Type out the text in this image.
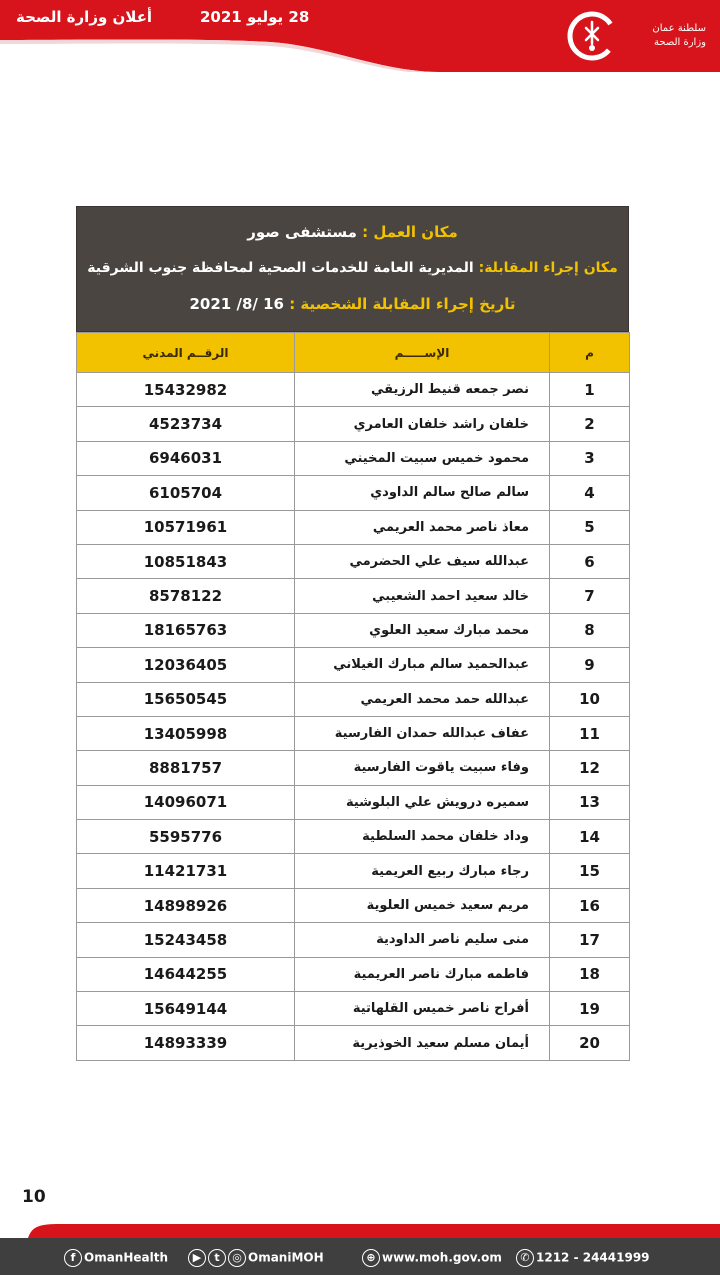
أعلان وزارة الصحة	28 يوليو 2021
سلطنة عمان
وزارة الصحة
مكان العمل : مستشفى صور
مكان إجراء المقابلة: المديرية العامة للخدمات الصحية لمحافظة جنوب الشرقية
تاريخ إجراء المقابلة الشخصية : 16 /8/ 2021
م	الإســـــم	الرقــم المدني
1	نصر جمعه قنيط الرزيقي	15432982
2	خلفان راشد خلفان العامري	4523734
3	محمود خميس سبيت المخيني	6946031
4	سالم صالح سالم الداودي	6105704
5	معاذ ناصر محمد العريمي	10571961
6	عبدالله سيف علي الحضرمي	10851843
7	خالد سعيد احمد الشعيبي	8578122
8	محمد مبارك سعيد العلوي	18165763
9	عبدالحميد سالم مبارك الغيلاني	12036405
10	عبدالله حمد محمد العريمي	15650545
11	عفاف عبدالله حمدان الفارسية	13405998
12	وفاء سبيت ياقوت الفارسية	8881757
13	سميره درويش علي البلوشية	14096071
14	وداد خلفان محمد السلطية	5595776
15	رجاء مبارك ربيع العريمية	11421731
16	مريم سعيد خميس العلوية	14898926
17	منى سليم ناصر الداودية	15243458
18	فاطمه مبارك ناصر العريمية	14644255
19	أفراح ناصر خميس القلهاتية	15649144
20	أيمان مسلم سعيد الخوذيرية	14893339
10
f OmanHealth	▶ t ◎ OmaniMOH	⊕ www.moh.gov.om	✆ 1212 - 24441999
